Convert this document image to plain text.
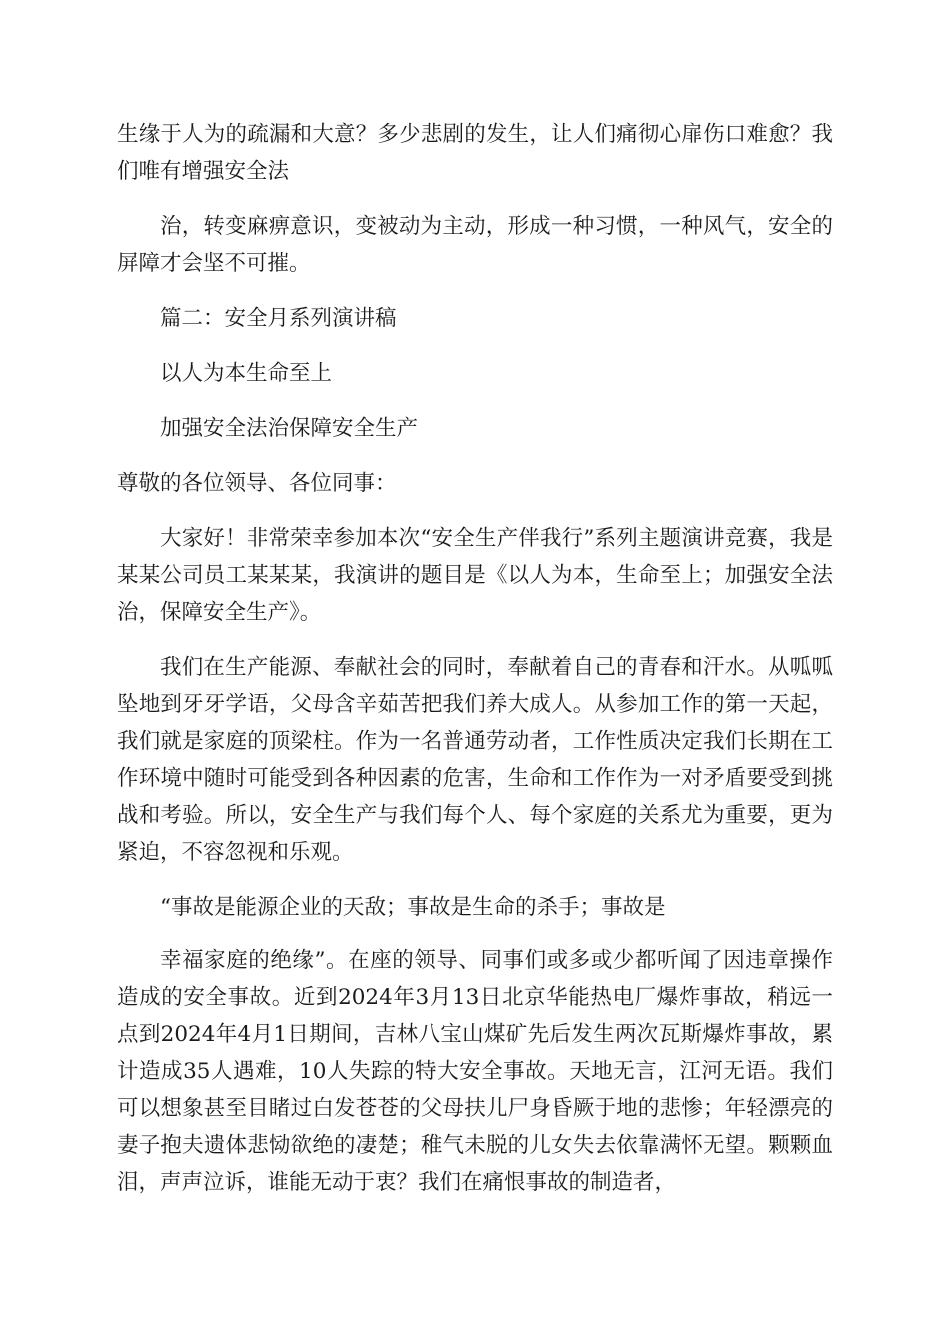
生缘于人为的疏漏和大意？多少悲剧的发生，让人们痛彻心扉伤口难愈？我们唯有增强安全法

治，转变麻痹意识，变被动为主动，形成一种习惯，一种风气，安全的屏障才会坚不可摧。

篇二：安全月系列演讲稿

以人为本生命至上

加强安全法治保障安全生产

尊敬的各位领导、各位同事：

大家好！非常荣幸参加本次“安全生产伴我行”系列主题演讲竞赛，我是某某公司员工某某某，我演讲的题目是《以人为本，生命至上；加强安全法治，保障安全生产》。

我们在生产能源、奉献社会的同时，奉献着自己的青春和汗水。从呱呱坠地到牙牙学语，父母含辛茹苦把我们养大成人。从参加工作的第一天起，我们就是家庭的顶梁柱。作为一名普通劳动者，工作性质决定我们长期在工作环境中随时可能受到各种因素的危害，生命和工作作为一对矛盾要受到挑战和考验。所以，安全生产与我们每个人、每个家庭的关系尤为重要，更为紧迫，不容忽视和乐观。

“事故是能源企业的天敌；事故是生命的杀手；事故是

幸福家庭的绝缘”。在座的领导、同事们或多或少都听闻了因违章操作造成的安全事故。近到2024年3月13日北京华能热电厂爆炸事故，稍远一点到2024年4月1日期间，吉林八宝山煤矿先后发生两次瓦斯爆炸事故，累计造成35人遇难，10人失踪的特大安全事故。天地无言，江河无语。我们可以想象甚至目睹过白发苍苍的父母扶儿尸身昏厥于地的悲惨；年轻漂亮的妻子抱夫遗体悲恸欲绝的凄楚；稚气未脱的儿女失去依靠满怀无望。颗颗血泪，声声泣诉，谁能无动于衷？我们在痛恨事故的制造者，
